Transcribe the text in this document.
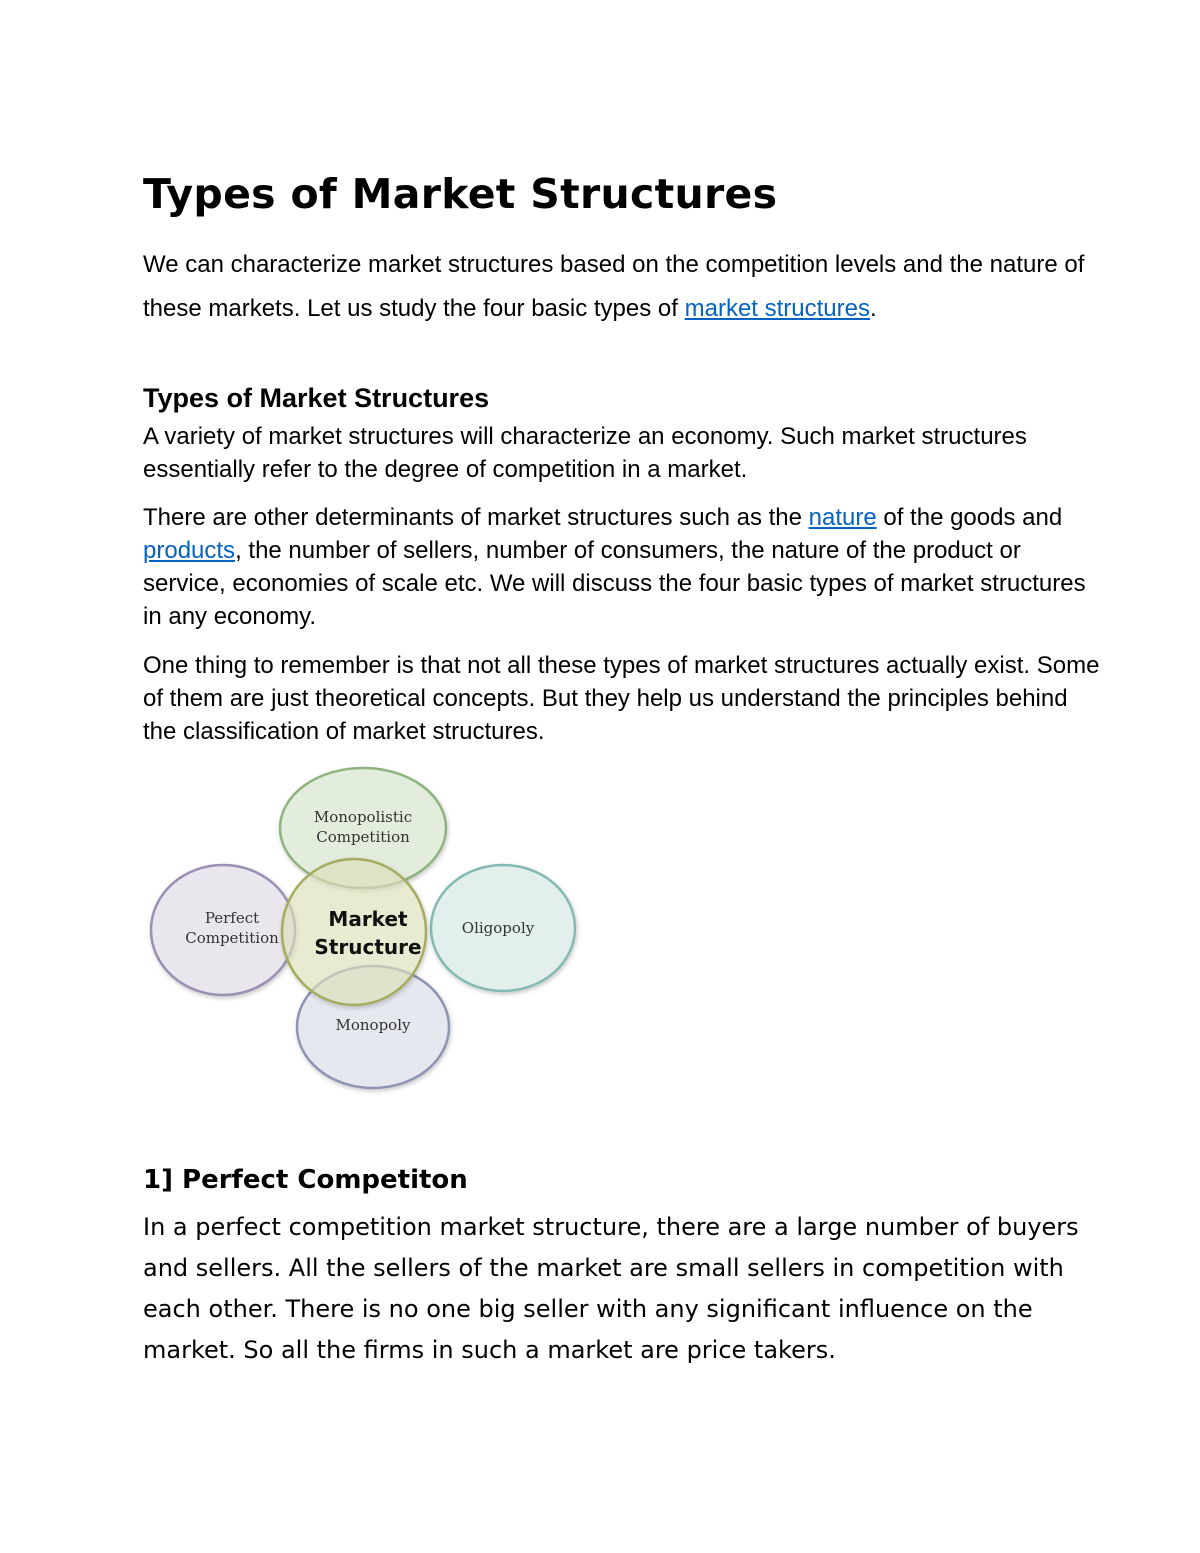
Types of Market Structures

We can characterize market structures based on the competition levels and the nature of these markets. Let us study the four basic types of market structures.

Types of Market Structures

A variety of market structures will characterize an economy. Such market structures essentially refer to the degree of competition in a market.

There are other determinants of market structures such as the nature of the goods and products, the number of sellers, number of consumers, the nature of the product or service, economies of scale etc. We will discuss the four basic types of market structures in any economy.

One thing to remember is that not all these types of market structures actually exist. Some of them are just theoretical concepts. But they help us understand the principles behind the classification of market structures.

Monopolistic
Competition
Perfect
Competition
Oligopoly
Monopoly
Market
Structure
1] Perfect Competiton

In a perfect competition market structure, there are a large number of buyers and sellers. All the sellers of the market are small sellers in competition with each other. There is no one big seller with any significant influence on the market. So all the firms in such a market are price takers.
